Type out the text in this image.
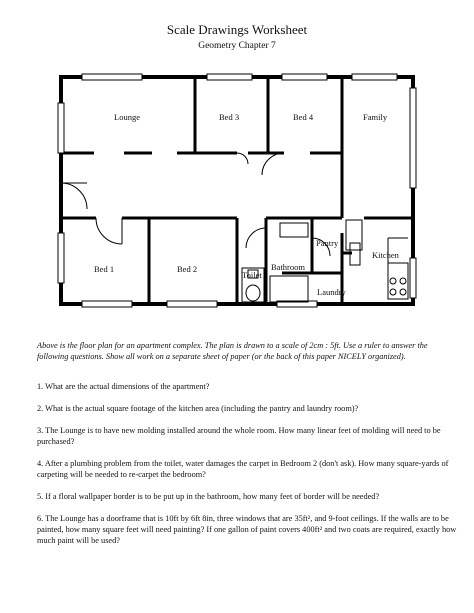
Scale Drawings Worksheet
Geometry Chapter 7
Lounge	Bed 3	Bed 4	Family
Pantry
Kitchen
Bed 1	Bed 2
Toilet
Bathroom
Laundry
Above is the floor plan for an apartment complex. The plan is drawn to a scale of 2cm : 5ft. Use a ruler to answer the following questions. Show all work on a separate sheet of paper (or the back of this paper NICELY organized).
1. What are the actual dimensions of the apartment?
2. What is the actual square footage of the kitchen area (including the pantry and laundry room)?
3. The Lounge is to have new molding installed around the whole room. How many linear feet of molding will need to be purchased?
4. After a plumbing problem from the toilet, water damages the carpet in Bedroom 2 (don't ask). How many square-yards of carpeting will be needed to re-carpet the bedroom?
5. If a floral wallpaper border is to be put up in the bathroom, how many feet of border will be needed?
6. The Lounge has a doorframe that is 10ft by 6ft 8in, three windows that are 35ft², and 9-foot ceilings. If the walls are to be painted, how many square feet will need painting? If one gallon of paint covers 400ft² and two coats are required, exactly how much paint will be used?
